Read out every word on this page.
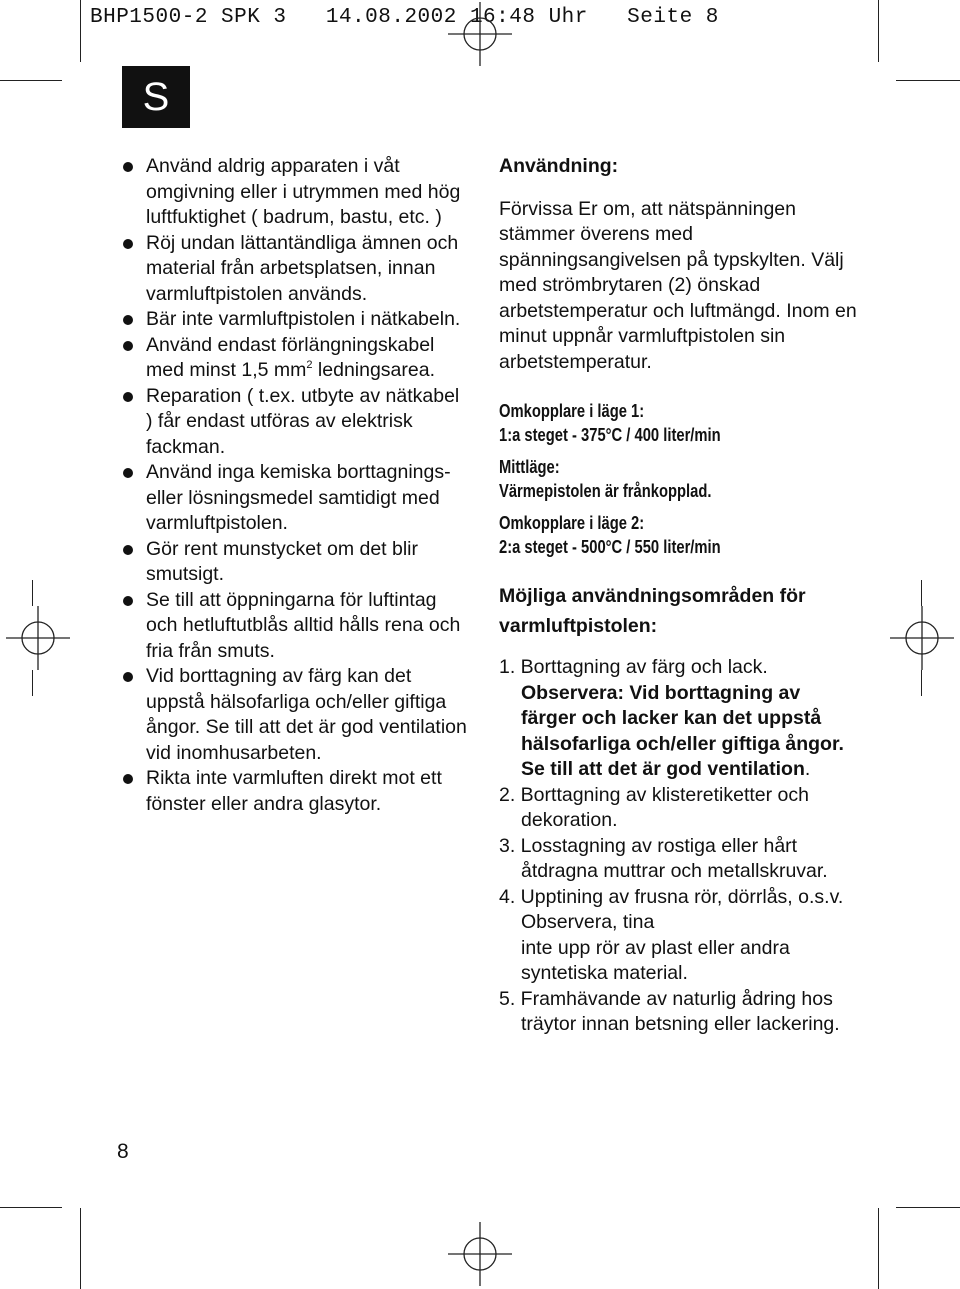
BHP1500-2 SPK 3   14.08.2002 16:48 Uhr   Seite 8
S
Använd aldrig apparaten i våt omgivning eller i utrymmen med hög luftfuktighet ( badrum, bastu, etc. )
Röj undan lättantändliga ämnen och material från arbetsplatsen, innan varmluftpistolen används.
Bär inte varmluftpistolen i nätkabeln.
Använd endast förlängningskabel med minst 1,5 $mm^2$ ledningsarea.
Reparation ( t.ex. utbyte av nätkabel ) får endast utföras av elektrisk fackman.
Använd inga kemiska borttagnings- eller lösningsmedel samtidigt med varmluftpistolen.
Gör rent munstycket om det blir smutsigt.
Se till att öppningarna för luftintag och hetluftutblås alltid hålls rena och fria från smuts.
Vid borttagning av färg kan det uppstå hälsofarliga och/eller giftiga ångor. Se till att det är god ventilation vid inomhusarbeten.
Rikta inte varmluften direkt mot ett fönster eller andra glasytor.
Användning:

Förvissa Er om, att nätspänningen stämmer överens med spänningsangivelsen på typskylten. Välj med strömbrytaren (2) önskad arbetstemperatur och luftmängd. Inom en minut uppnår varmluftpistolen sin arbetstemperatur.

Omkopplare i läge 1:

1:a steget - 375°C / 400 liter/min

Mittläge:

Värmepistolen är frånkopplad.

Omkopplare i läge 2:

2:a steget - 500°C / 550 liter/min

Möjliga användningsområden för varmluftpistolen:
1. Borttagning av färg och lack.
Observera: Vid borttagning av färger och lacker kan det uppstå hälsofarliga och/eller giftiga ångor. Se till att det är god ventilation.
2. Borttagning av klisteretiketter och dekoration.
3. Losstagning av rostiga eller hårt åtdragna muttrar och metallskruvar.
4. Upptining av frusna rör, dörrlås, o.s.v. Observera, tina
inte upp rör av plast eller andra syntetiska material.
5. Framhävande av naturlig ådring hos träytor innan betsning eller lackering.
8
